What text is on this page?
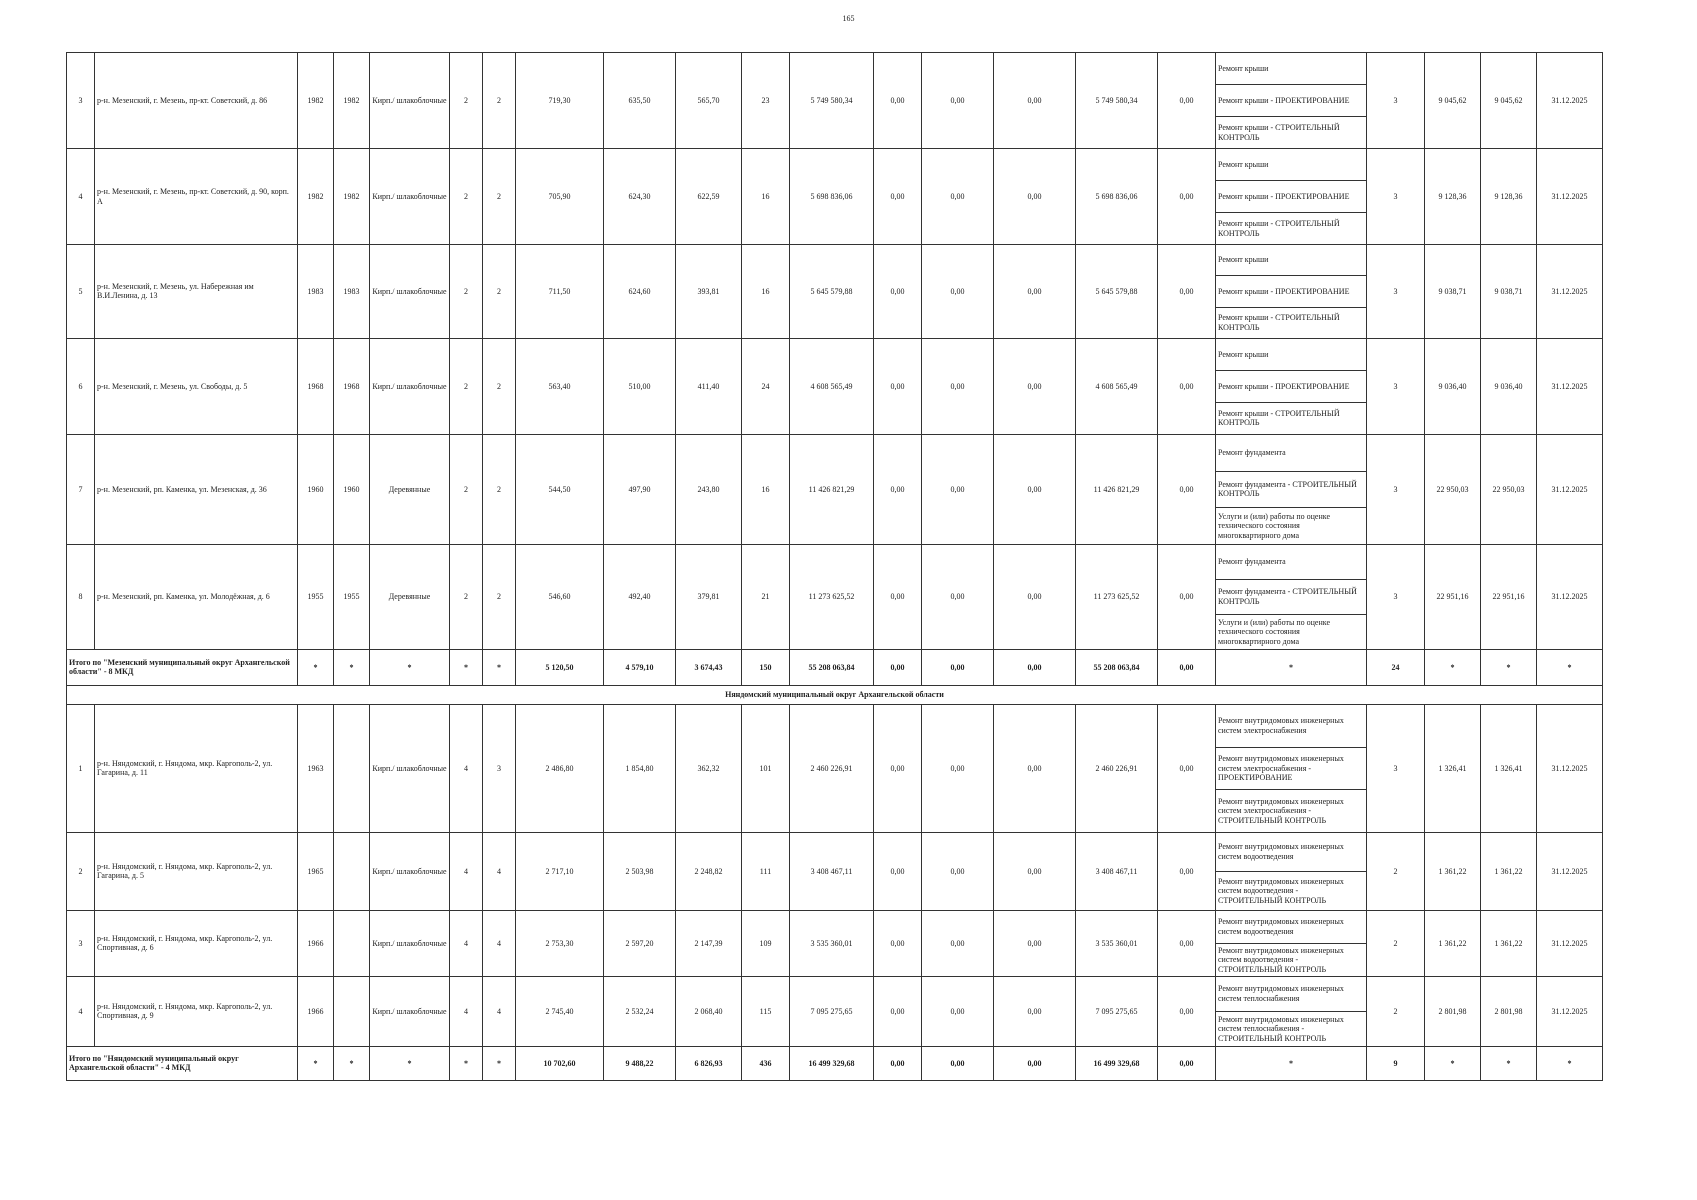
165
3	р-н. Мезенский, г. Мезень, пр-кт. Советский, д. 86	1982	1982	Кирп./ шлакоблочные	2	2	719,30	635,50	565,70	23	5 749 580,34	0,00	0,00	0,00	5 749 580,34	0,00	Ремонт крыши	3	9 045,62	9 045,62	31.12.2025
																	Ремонт крыши - ПРОЕКТИРОВАНИЕ				
																	Ремонт крыши - СТРОИТЕЛЬНЫЙ КОНТРОЛЬ				
4	р-н. Мезенский, г. Мезень, пр-кт. Советский, д. 90, корп. А	1982	1982	Кирп./ шлакоблочные	2	2	705,90	624,30	622,59	16	5 698 836,06	0,00	0,00	0,00	5 698 836,06	0,00	Ремонт крыши	3	9 128,36	9 128,36	31.12.2025
																	Ремонт крыши - ПРОЕКТИРОВАНИЕ				
																	Ремонт крыши - СТРОИТЕЛЬНЫЙ КОНТРОЛЬ				
5	р-н. Мезенский, г. Мезень, ул. Набережная им В.И.Ленина, д. 13	1983	1983	Кирп./ шлакоблочные	2	2	711,50	624,60	393,81	16	5 645 579,88	0,00	0,00	0,00	5 645 579,88	0,00	Ремонт крыши	3	9 038,71	9 038,71	31.12.2025
																	Ремонт крыши - ПРОЕКТИРОВАНИЕ				
																	Ремонт крыши - СТРОИТЕЛЬНЫЙ КОНТРОЛЬ				
6	р-н. Мезенский, г. Мезень, ул. Свободы, д. 5	1968	1968	Кирп./ шлакоблочные	2	2	563,40	510,00	411,40	24	4 608 565,49	0,00	0,00	0,00	4 608 565,49	0,00	Ремонт крыши	3	9 036,40	9 036,40	31.12.2025
																	Ремонт крыши - ПРОЕКТИРОВАНИЕ				
																	Ремонт крыши - СТРОИТЕЛЬНЫЙ КОНТРОЛЬ				
7	р-н. Мезенский, рп. Каменка, ул. Мезенская, д. 36	1960	1960	Деревянные	2	2	544,50	497,90	243,80	16	11 426 821,29	0,00	0,00	0,00	11 426 821,29	0,00	Ремонт фундамента	3	22 950,03	22 950,03	31.12.2025
																	Ремонт фундамента - СТРОИТЕЛЬНЫЙ КОНТРОЛЬ				
																	Услуги и (или) работы по оценке технического состояния многоквартирного дома				
8	р-н. Мезенский, рп. Каменка, ул. Молодёжная, д. 6	1955	1955	Деревянные	2	2	546,60	492,40	379,81	21	11 273 625,52	0,00	0,00	0,00	11 273 625,52	0,00	Ремонт фундамента	3	22 951,16	22 951,16	31.12.2025
																	Ремонт фундамента - СТРОИТЕЛЬНЫЙ КОНТРОЛЬ				
																	Услуги и (или) работы по оценке технического состояния многоквартирного дома				
Итого по "Мезенский муниципальный округ Архангельской области" - 8 МКД		*	*	*	*	*	5 120,50	4 579,10	3 674,43	150	55 208 063,84	0,00	0,00	0,00	55 208 063,84	0,00	*	24	*	*	*
Няндомский муниципальный округ Архангельской области																					
1	р-н. Няндомский, г. Няндома, мкр. Каргополь-2, ул. Гагарина, д. 11	1963		Кирп./ шлакоблочные	4	3	2 486,80	1 854,80	362,32	101	2 460 226,91	0,00	0,00	0,00	2 460 226,91	0,00	Ремонт внутридомовых инженерных систем электроснабжения	3	1 326,41	1 326,41	31.12.2025
																	Ремонт внутридомовых инженерных систем электроснабжения - ПРОЕКТИРОВАНИЕ				
																	Ремонт внутридомовых инженерных систем электроснабжения - СТРОИТЕЛЬНЫЙ КОНТРОЛЬ				
2	р-н. Няндомский, г. Няндома, мкр. Каргополь-2, ул. Гагарина, д. 5	1965		Кирп./ шлакоблочные	4	4	2 717,10	2 503,98	2 248,82	111	3 408 467,11	0,00	0,00	0,00	3 408 467,11	0,00	Ремонт внутридомовых инженерных систем водоотведения	2	1 361,22	1 361,22	31.12.2025
																	Ремонт внутридомовых инженерных систем водоотведения - СТРОИТЕЛЬНЫЙ КОНТРОЛЬ				
3	р-н. Няндомский, г. Няндома, мкр. Каргополь-2, ул. Спортивная, д. 6	1966		Кирп./ шлакоблочные	4	4	2 753,30	2 597,20	2 147,39	109	3 535 360,01	0,00	0,00	0,00	3 535 360,01	0,00	Ремонт внутридомовых инженерных систем водоотведения	2	1 361,22	1 361,22	31.12.2025
																	Ремонт внутридомовых инженерных систем водоотведения - СТРОИТЕЛЬНЫЙ КОНТРОЛЬ				
4	р-н. Няндомский, г. Няндома, мкр. Каргополь-2, ул. Спортивная, д. 9	1966		Кирп./ шлакоблочные	4	4	2 745,40	2 532,24	2 068,40	115	7 095 275,65	0,00	0,00	0,00	7 095 275,65	0,00	Ремонт внутридомовых инженерных систем теплоснабжения	2	2 801,98	2 801,98	31.12.2025
																	Ремонт внутридомовых инженерных систем теплоснабжения - СТРОИТЕЛЬНЫЙ КОНТРОЛЬ				
Итого по "Няндомский муниципальный округ Архангельской области" - 4 МКД		*	*	*	*	*	10 702,60	9 488,22	6 826,93	436	16 499 329,68	0,00	0,00	0,00	16 499 329,68	0,00	*	9	*	*	*
